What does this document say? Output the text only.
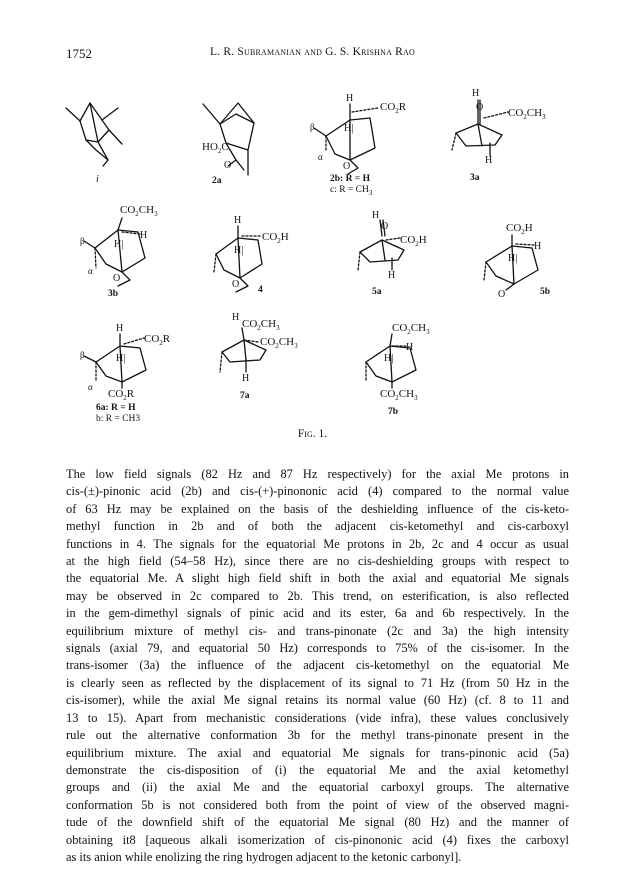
1752	L. R. Subramanian and G. S. Krishna Rao
i
$HO_2C$
O
2a
H
$CO_2R$
H|
β
α
O
2b: R = H
c: $R = CH_3$
H
O $CO_2CH_3$
H
3a
$CO_2CH_3$
H
H|
β
α
O
3b
H
$CO_2H$
H|
O 4
H
O
$CO_2H$
H
5a
$CO_2H$
H
H|
O	5b
H
$CO_2R$
H|
β
α
$CO_2R$
6a: R = H
b: R = CH3
H
$CO_2CH_3$
$CO_2CH_3$
H
7a
$CO_2CH_3$
H
H|
$CO_2CH_3$
7b
Fig. 1.
The low field signals (82 Hz and 87 Hz respectively) for the axial Me protons in
cis-(±)-pinonic acid (2b) and cis-(+)-pinononic acid (4) compared to the normal value
of 63 Hz may be explained on the basis of the deshielding influence of the cis-keto-
methyl function in 2b and of both the adjacent cis-ketomethyl and cis-carboxyl
functions in 4. The signals for the equatorial Me protons in 2b, 2c and 4 occur as usual
at the high field (54–58 Hz), since there are no cis-deshielding groups with respect to
the equatorial Me. A slight high field shift in both the axial and equatorial Me signals
may be observed in 2c compared to 2b. This trend, on esterification, is also reflected
in the gem-dimethyl signals of pinic acid and its ester, 6a and 6b respectively. In the
equilibrium mixture of methyl cis- and trans-pinonate (2c and 3a) the high intensity
signals (axial 79, and equatorial 50 Hz) corresponds to 75% of the cis-isomer. In the
trans-isomer (3a) the influence of the adjacent cis-ketomethyl on the equatorial Me
is clearly seen as reflected by the displacement of its signal to 71 Hz (from 50 Hz in the
cis-isomer), while the axial Me signal retains its normal value (60 Hz) (cf. 8 to 11 and
13 to 15). Apart from mechanistic considerations (vide infra), these values conclusively
rule out the alternative conformation 3b for the methyl trans-pinonate present in the
equilibrium mixture. The axial and equatorial Me signals for trans-pinonic acid (5a)
demonstrate the cis-disposition of (i) the equatorial Me and the axial ketomethyl
groups and (ii) the axial Me and the equatorial carboxyl groups. The alternative
conformation 5b is not considered both from the point of view of the observed magni-
tude of the downfield shift of the equatorial Me signal (80 Hz) and the manner of
obtaining it8 [aqueous alkali isomerization of cis-pinononic acid (4) fixes the carboxyl
as its anion while enolizing the ring hydrogen adjacent to the ketonic carbonyl].
